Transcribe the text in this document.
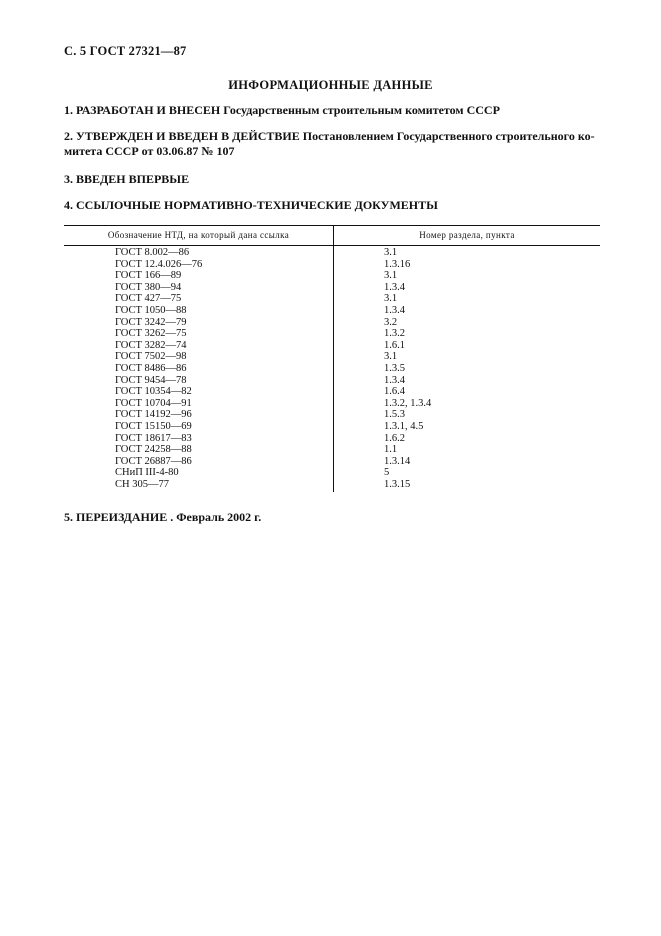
С. 5 ГОСТ 27321—87
ИНФОРМАЦИОННЫЕ ДАННЫЕ
1. РАЗРАБОТАН И ВНЕСЕН Государственным строительным комитетом СССР
2. УТВЕРЖДЕН И ВВЕДЕН В ДЕЙСТВИЕ Постановлением Государственного строительного ко-митета СССР от 03.06.87 № 107
3. ВВЕДЕН ВПЕРВЫЕ
4. ССЫЛОЧНЫЕ НОРМАТИВНО-ТЕХНИЧЕСКИЕ ДОКУМЕНТЫ
Обозначение НТД, на который дана ссылка	Номер раздела, пункта
ГОСТ 8.002—86
ГОСТ 12.4.026—76
ГОСТ 166—89
ГОСТ 380—94
ГОСТ 427—75
ГОСТ 1050—88
ГОСТ 3242—79
ГОСТ 3262—75
ГОСТ 3282—74
ГОСТ 7502—98
ГОСТ 8486—86
ГОСТ 9454—78
ГОСТ 10354—82
ГОСТ 10704—91
ГОСТ 14192—96
ГОСТ 15150—69
ГОСТ 18617—83
ГОСТ 24258—88
ГОСТ 26887—86
СНиП III-4-80
СН 305—77
3.1
1.3.16
3.1
1.3.4
3.1
1.3.4
3.2
1.3.2
1.6.1
3.1
1.3.5
1.3.4
1.6.4
1.3.2, 1.3.4
1.5.3
1.3.1, 4.5
1.6.2
1.1
1.3.14
5
1.3.15
5. ПЕРЕИЗДАНИЕ . Февраль 2002 г.
